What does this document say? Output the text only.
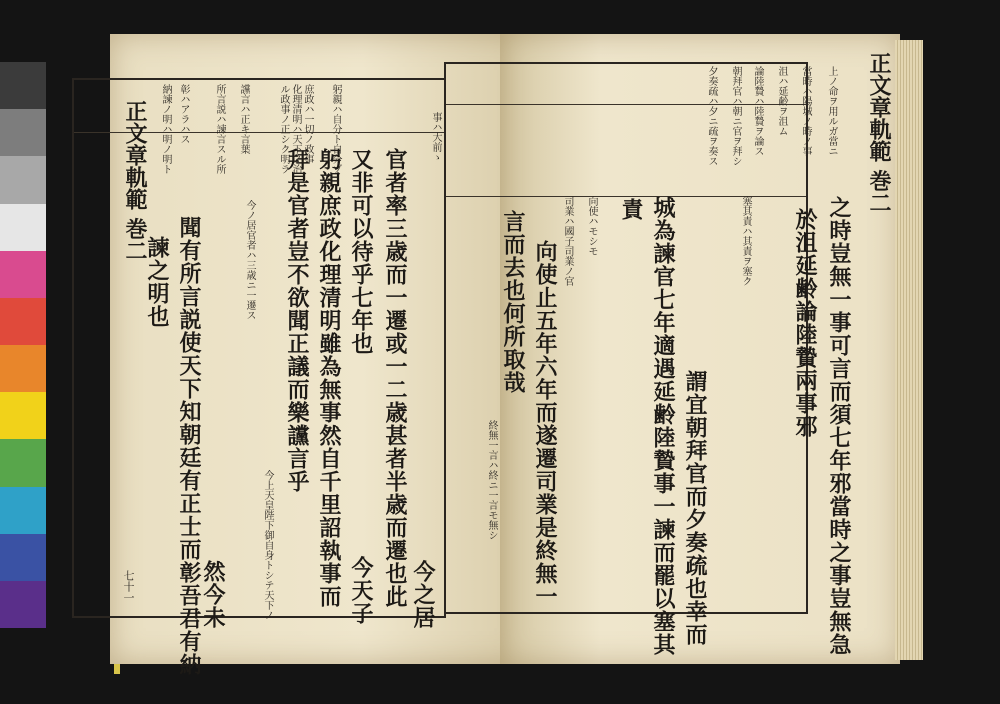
正文章軌範 巻二
七十一	今之居
官者率三歳而一遷或一二歳甚者半歳而遷也此
又非可以待乎七年也
今天子
躬親庶政化理清明雖為無事然自千里詔執事而
拜是官者豈不欲聞正議而樂讜言乎
然今未
聞有所言説使天下知朝廷有正士而彰吾君有納
諫之明也
事ハ大前ゝ
躬親ハ自分ト自分ゾ
庶政ハ一切ノ政事
化理清明ハ天下ノ治
ル政事ノ正シク明ラ
讜言ハ正キ言葉
所言説ハ諫言スル所
彰ハアラハス
納諫ノ明ハ明ノ明ト
今ノ居官者ハ三歳ニ一遷ス
今上天皇陛下御自身トシテ天下ノ
正文章軌範 巻二
之時豈無一事可言而須七年邪當時之事豈無急
於沮延齢論陸贄兩事邪
謂宜朝拜官而夕奏疏也幸而
城為諫官七年適遇延齢陸贄事一諫而罷以塞其
責
向使止五年六年而遂遷司業是終無一
言而去也何所取哉
上ノ命ヲ用ルガ當ニ
當時ハ陽城ノ時ノ事
沮ハ延齢ヲ沮ム
論陸贄ハ陸贄ヲ論ス
朝拜官ハ朝ニ官ヲ拜シ
夕奏疏ハ夕ニ疏ヲ奏ス
塞其責ハ其責ヲ塞ク
向使ハモシモ
司業ハ國子司業ノ官
終無一言ハ終ニ一言モ無シ
